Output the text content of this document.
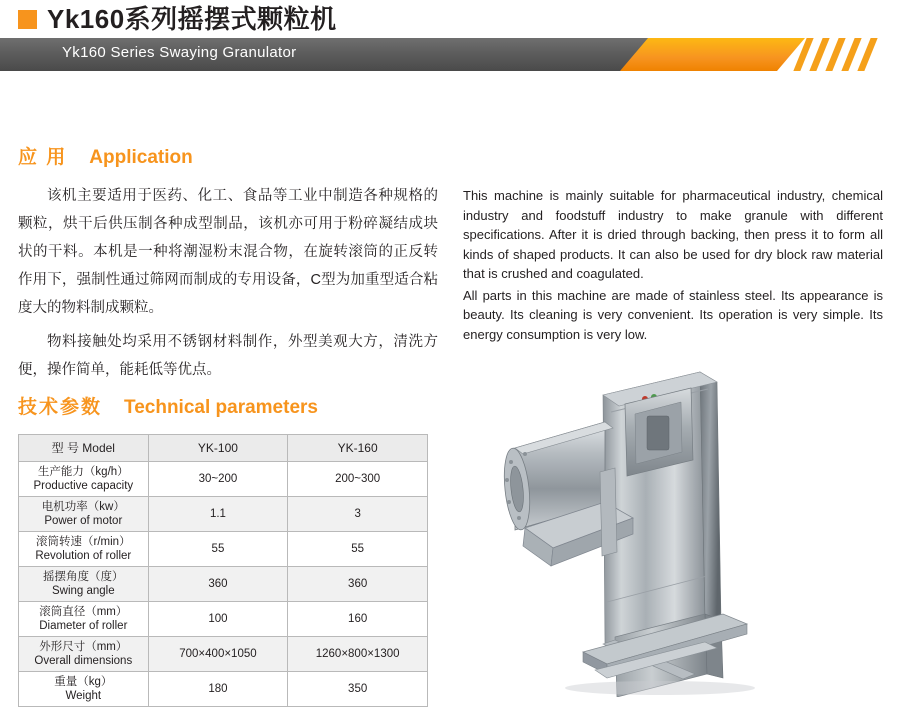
Yk160系列摇摆式颗粒机
Yk160 Series Swaying Granulator
应 用 Application

该机主要适用于医药、化工、食品等工业中制造各种规格的颗粒，烘干后供压制各种成型制品，该机亦可用于粉碎凝结成块状的干料。本机是一种将潮湿粉末混合物，在旋转滚筒的正反转作用下，强制性通过筛网而制成的专用设备，C型为加重型适合粘度大的物料制成颗粒。

物料接触处均采用不锈钢材料制作，外型美观大方，清洗方便，操作简单，能耗低等优点。

This machine is mainly suitable for pharmaceutical industry, chemical industry and foodstuff industry to make granule with different specifications. After it is dried through backing, then press it to form all kinds of shaped products. It can also be used for dry block raw material that is crushed and coagulated.

All parts in this machine are made of stainless steel. Its appearance is beauty. Its cleaning is very convenient. Its operation is very simple. Its energy consumption is very low.

技术参数 Technical parameters
型 号 Model	YK-100	YK-160

生产能力（kg/h）
Productive capacity	30~200	200~300

电机功率（kw）
Power of motor	1.1	3

滚筒转速（r/min）
Revolution of roller	55	55

摇摆角度（度）
Swing angle	360	360

滚筒直径（mm）
Diameter of roller	100	160

外形尺寸（mm）
Overall dimensions	700×400×1050	1260×800×1300

重量（kg）
Weight	180	350
